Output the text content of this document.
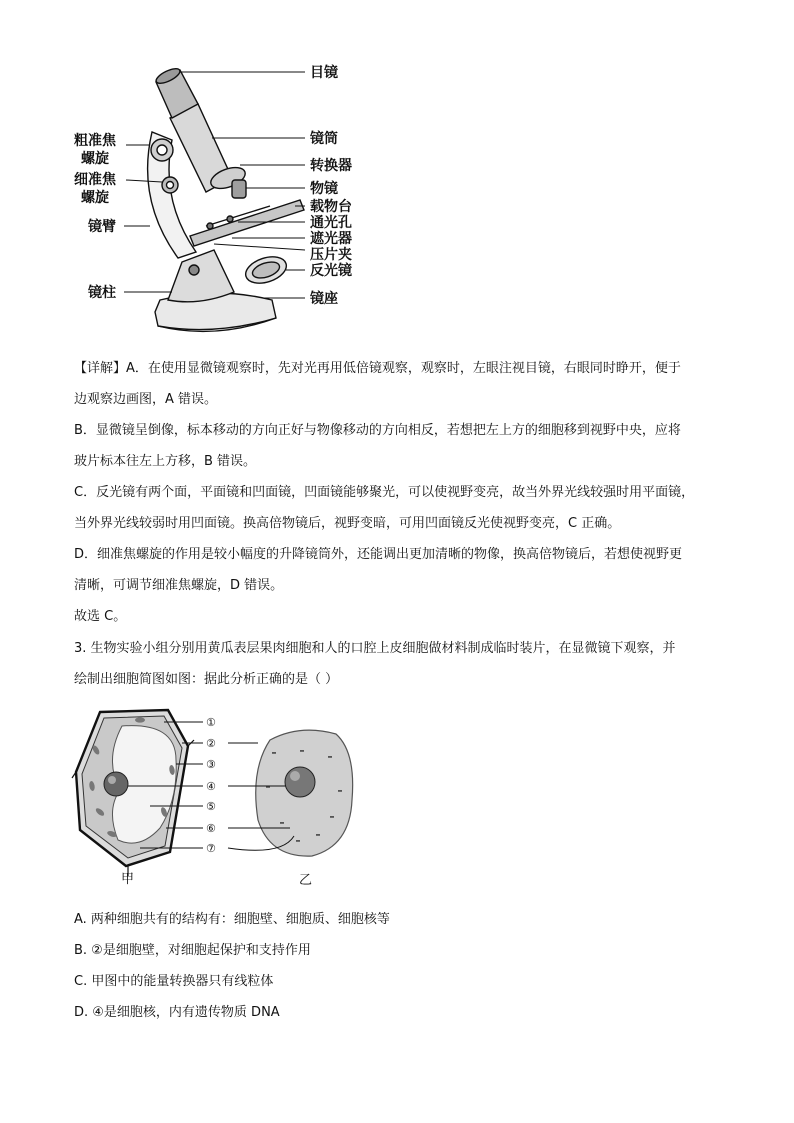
目镜
镜筒
转换器
物镜
载物台
通光孔
遮光器
压片夹
反光镜
镜座
粗准焦
螺旋
细准焦
螺旋
镜臂
镜柱
【详解】A．在使用显微镜观察时，先对光再用低倍镜观察，观察时，左眼注视目镜，右眼同时睁开，便于
边观察边画图，A 错误。
B．显微镜呈倒像，标本移动的方向正好与物像移动的方向相反，若想把左上方的细胞移到视野中央，应将
玻片标本往左上方移，B 错误。
C．反光镜有两个面，平面镜和凹面镜，凹面镜能够聚光，可以使视野变亮，故当外界光线较强时用平面镜，
当外界光线较弱时用凹面镜。换高倍物镜后，视野变暗，可用凹面镜反光使视野变亮，C 正确。
D．细准焦螺旋的作用是较小幅度的升降镜筒外，还能调出更加清晰的物像，换高倍物镜后，若想使视野更
清晰，可调节细准焦螺旋，D 错误。
故选 C。
3. 生物实验小组分别用黄瓜表层果肉细胞和人的口腔上皮细胞做材料制成临时装片，在显微镜下观察，并
绘制出细胞简图如图：据此分析正确的是（ ）
①
②
③
④
⑤
⑥
⑦
甲	乙
A. 两种细胞共有的结构有：细胞壁、细胞质、细胞核等
B. ②是细胞壁，对细胞起保护和支持作用
C. 甲图中的能量转换器只有线粒体
D. ④是细胞核，内有遗传物质 DNA
